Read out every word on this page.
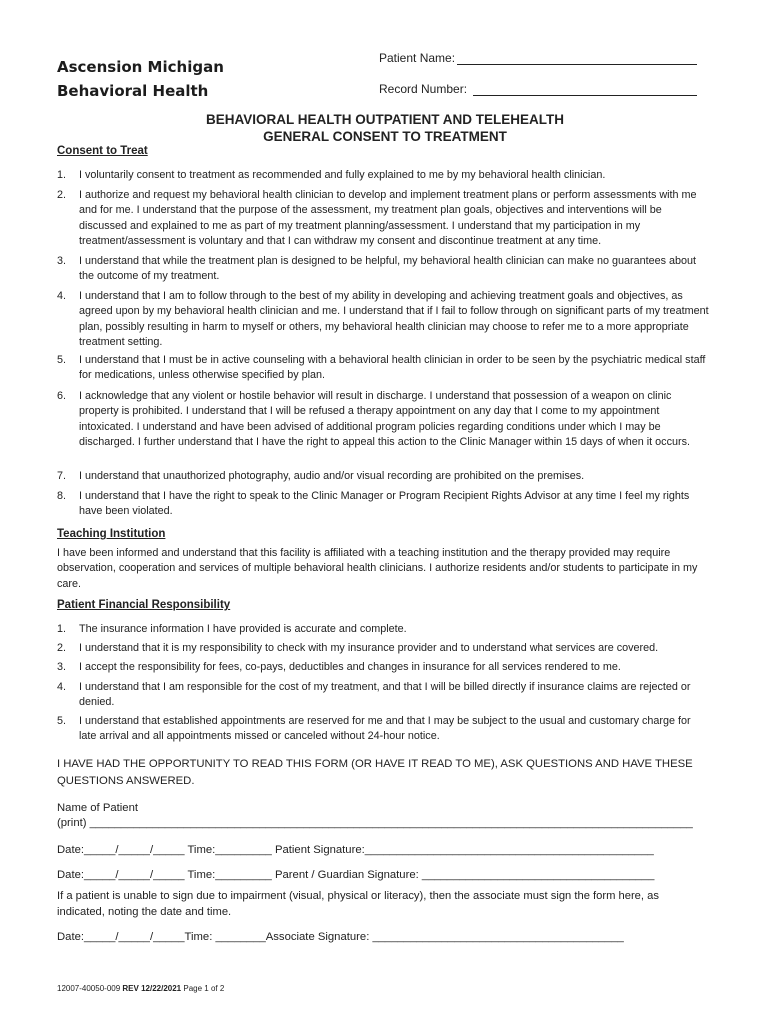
Ascension Michigan
Behavioral Health
Patient Name:
Record Number:
BEHAVIORAL HEALTH OUTPATIENT AND TELEHEALTH
GENERAL CONSENT TO TREATMENT
Consent to Treat
1. I voluntarily consent to treatment as recommended and fully explained to me by my behavioral health clinician.
2. I authorize and request my behavioral health clinician to develop and implement treatment plans or perform assessments with me and for me. I understand that the purpose of the assessment, my treatment plan goals, objectives and interventions will be discussed and explained to me as part of my treatment planning/assessment. I understand that my participation in my treatment/assessment is voluntary and that I can withdraw my consent and discontinue treatment at any time.
3. I understand that while the treatment plan is designed to be helpful, my behavioral health clinician can make no guarantees about the outcome of my treatment.
4. I understand that I am to follow through to the best of my ability in developing and achieving treatment goals and objectives, as agreed upon by my behavioral health clinician and me. I understand that if I fail to follow through on significant parts of my treatment plan, possibly resulting in harm to myself or others, my behavioral health clinician may choose to refer me to a more appropriate treatment setting.
5. I understand that I must be in active counseling with a behavioral health clinician in order to be seen by the psychiatric medical staff for medications, unless otherwise specified by plan.
6. I acknowledge that any violent or hostile behavior will result in discharge. I understand that possession of a weapon on clinic property is prohibited. I understand that I will be refused a therapy appointment on any day that I come to my appointment intoxicated. I understand and have been advised of additional program policies regarding conditions under which I may be discharged. I further understand that I have the right to appeal this action to the Clinic Manager within 15 days of when it occurs.
7. I understand that unauthorized photography, audio and/or visual recording are prohibited on the premises.
8. I understand that I have the right to speak to the Clinic Manager or Program Recipient Rights Advisor at any time I feel my rights have been violated.
Teaching Institution
I have been informed and understand that this facility is affiliated with a teaching institution and the therapy provided may require observation, cooperation and services of multiple behavioral health clinicians. I authorize residents and/or students to participate in my care.
Patient Financial Responsibility
1. The insurance information I have provided is accurate and complete.
2. I understand that it is my responsibility to check with my insurance provider and to understand what services are covered.
3. I accept the responsibility for fees, co-pays, deductibles and changes in insurance for all services rendered to me.
4. I understand that I am responsible for the cost of my treatment, and that I will be billed directly if insurance claims are rejected or denied.
5. I understand that established appointments are reserved for me and that I may be subject to the usual and customary charge for late arrival and all appointments missed or canceled without 24-hour notice.
I HAVE HAD THE OPPORTUNITY TO READ THIS FORM (OR HAVE IT READ TO ME), ASK QUESTIONS AND HAVE THESE QUESTIONS ANSWERED.
Name of Patient
(print) ________________________________________________________________________________________________
Date:_____/_____/_____ Time:_________ Patient Signature:______________________________________________
Date:_____/_____/_____ Time:_________ Parent / Guardian Signature: _____________________________________
If a patient is unable to sign due to impairment (visual, physical or literacy), then the associate must sign the form here, as indicated, noting the date and time.
Date:_____/_____/_____Time: ________Associate Signature: ________________________________________
12007-40050-009 REV 12/22/2021 Page 1 of 2
